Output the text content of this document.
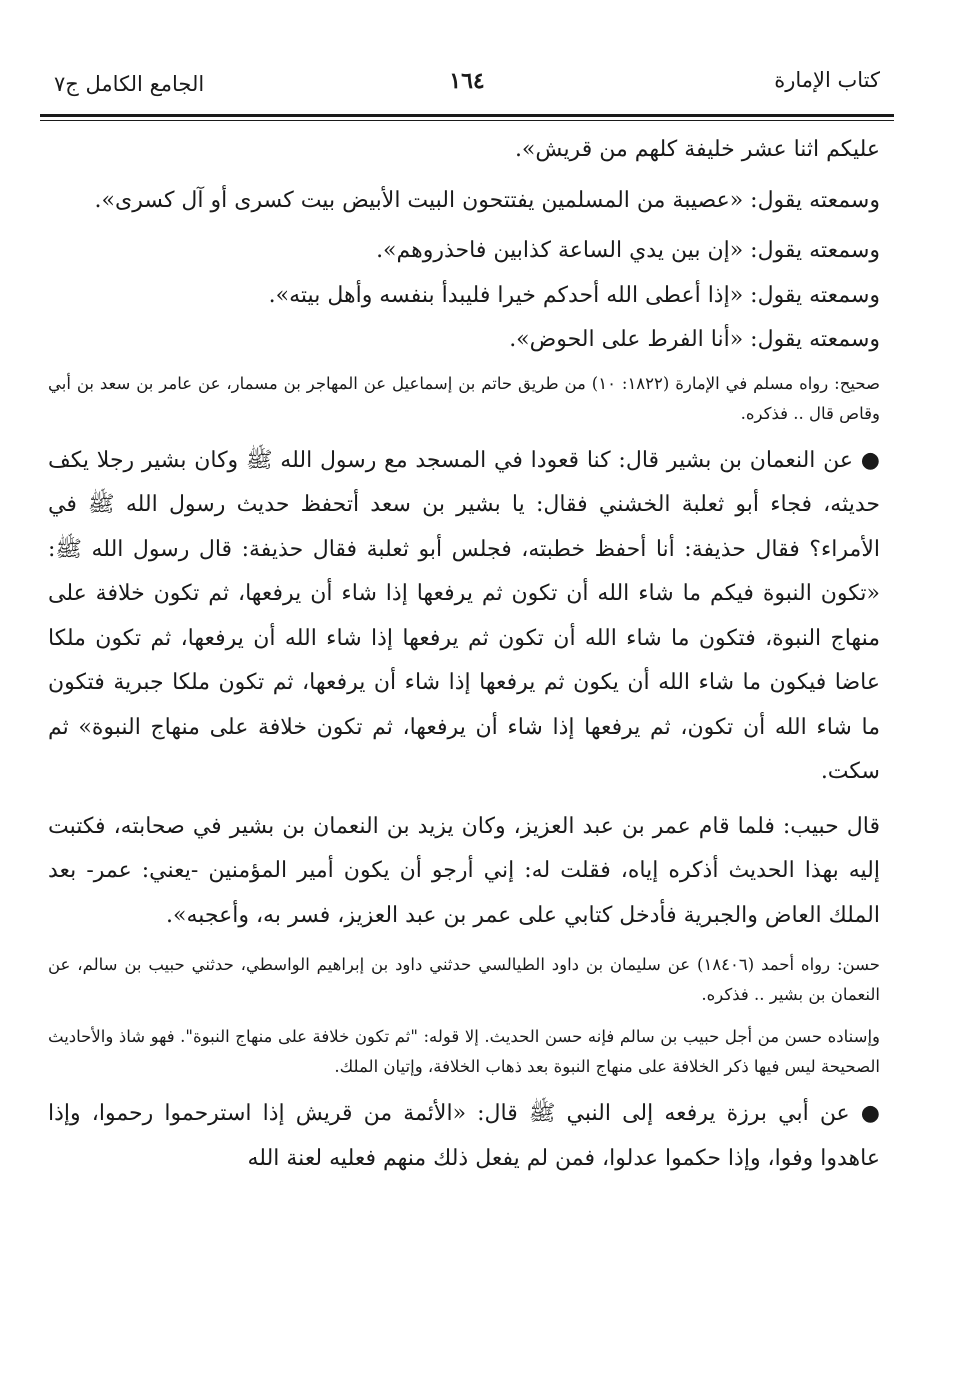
كتاب الإمارة
١٦٤
الجامع الكامل ج٧

عليكم اثنا عشر خليفة كلهم من قريش».

وسمعته يقول: «عصيبة من المسلمين يفتتحون البيت الأبيض بيت كسرى أو آل كسرى».

وسمعته يقول: «إن بين يدي الساعة كذابين فاحذروهم».

وسمعته يقول: «إذا أعطى الله أحدكم خيرا فليبدأ بنفسه وأهل بيته».

وسمعته يقول: «أنا الفرط على الحوض».

صحيح: رواه مسلم في الإمارة (١٨٢٢: ١٠) من طريق حاتم بن إسماعيل عن المهاجر بن مسمار، عن عامر بن سعد بن أبي وقاص قال .. فذكره.

● عن النعمان بن بشير قال: كنا قعودا في المسجد مع رسول الله ﷺ وكان بشير رجلا يكف حديثه، فجاء أبو ثعلبة الخشني فقال: يا بشير بن سعد أتحفظ حديث رسول الله ﷺ في الأمراء؟ فقال حذيفة: أنا أحفظ خطبته، فجلس أبو ثعلبة فقال حذيفة: قال رسول الله ﷺ: «تكون النبوة فيكم ما شاء الله أن تكون ثم يرفعها إذا شاء أن يرفعها، ثم تكون خلافة على منهاج النبوة، فتكون ما شاء الله أن تكون ثم يرفعها إذا شاء الله أن يرفعها، ثم تكون ملكا عاضا فيكون ما شاء الله أن يكون ثم يرفعها إذا شاء أن يرفعها، ثم تكون ملكا جبرية فتكون ما شاء الله أن تكون، ثم يرفعها إذا شاء أن يرفعها، ثم تكون خلافة على منهاج النبوة» ثم سكت.

قال حبيب: فلما قام عمر بن عبد العزيز، وكان يزيد بن النعمان بن بشير في صحابته، فكتبت إليه بهذا الحديث أذكره إياه، فقلت له: إني أرجو أن يكون أمير المؤمنين -يعني: عمر- بعد الملك العاض والجبرية فأدخل كتابي على عمر بن عبد العزيز، فسر به، وأعجبه».

حسن: رواه أحمد (١٨٤٠٦) عن سليمان بن داود الطيالسي حدثني داود بن إبراهيم الواسطي، حدثني حبيب بن سالم، عن النعمان بن بشير .. فذكره.

وإسناده حسن من أجل حبيب بن سالم فإنه حسن الحديث. إلا قوله: "ثم تكون خلافة على منهاج النبوة". فهو شاذ والأحاديث الصحيحة ليس فيها ذكر الخلافة على منهاج النبوة بعد ذهاب الخلافة، وإتيان الملك.

● عن أبي برزة يرفعه إلى النبي ﷺ قال: «الأئمة من قريش إذا استرحموا رحموا، وإذا عاهدوا وفوا، وإذا حكموا عدلوا، فمن لم يفعل ذلك منهم فعليه لعنة الله
